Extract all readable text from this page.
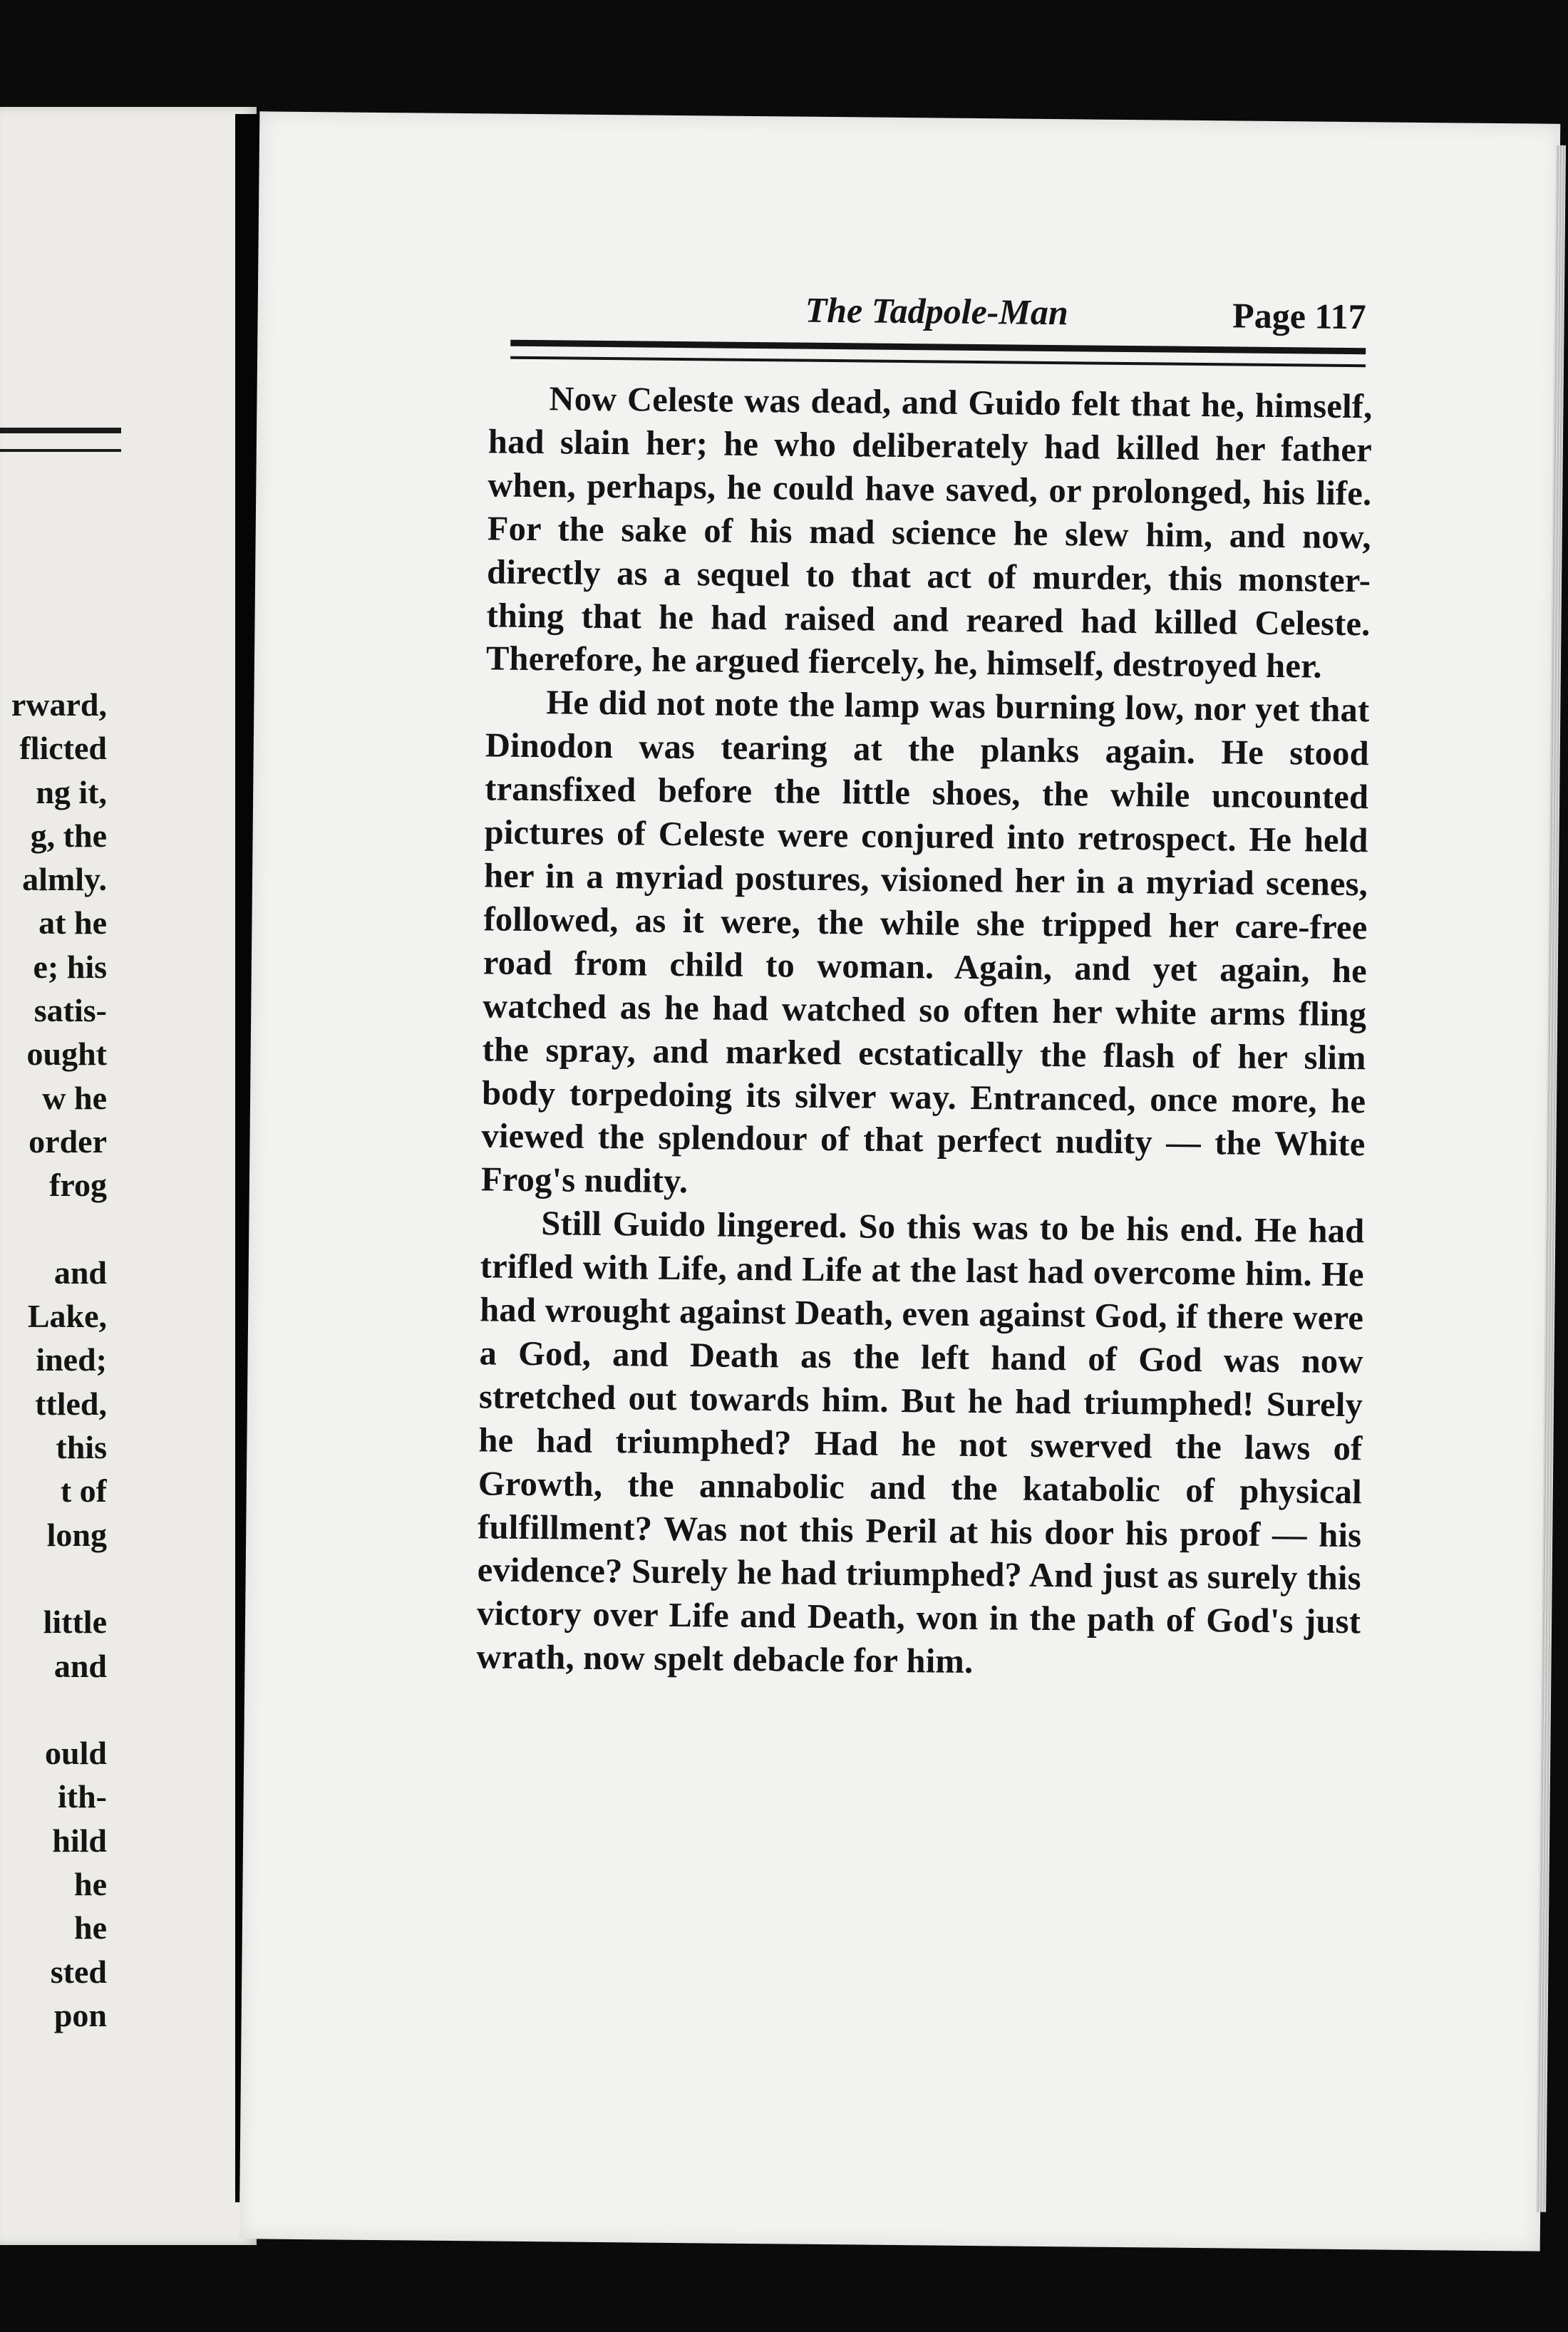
rward,
flicted
ng it,
g, the
almly.
at he
e; his
satis-
ought
w he
order
frog

and
Lake,
ined;
ttled,
this
t of
long

little
and

ould
ith-
hild
he
he
sted
pon
The Tadpole-Man	Page 117

Now Celeste was dead, and Guido felt that he, himself, had slain her; he who deliberately had killed her father when, perhaps, he could have saved, or prolonged, his life. For the sake of his mad science he slew him, and now, directly as a sequel to that act of murder, this monster-thing that he had raised and reared had killed Celeste. Therefore, he argued fiercely, he, himself, destroyed her.

He did not note the lamp was burning low, nor yet that Dinodon was tearing at the planks again. He stood transfixed before the little shoes, the while uncounted pictures of Celeste were conjured into retrospect. He held her in a myriad postures, visioned her in a myriad scenes, followed, as it were, the while she tripped her care-free road from child to woman. Again, and yet again, he watched as he had watched so often her white arms fling the spray, and marked ecstatically the flash of her slim body torpedoing its silver way. Entranced, once more, he viewed the splendour of that perfect nudity — the White Frog's nudity.

Still Guido lingered. So this was to be his end. He had trifled with Life, and Life at the last had overcome him. He had wrought against Death, even against God, if there were a God, and Death as the left hand of God was now stretched out towards him. But he had triumphed! Surely he had triumphed? Had he not swerved the laws of Growth, the annabolic and the katabolic of physical fulfillment? Was not this Peril at his door his proof — his evidence? Surely he had triumphed? And just as surely this victory over Life and Death, won in the path of God's just wrath, now spelt debacle for him.
